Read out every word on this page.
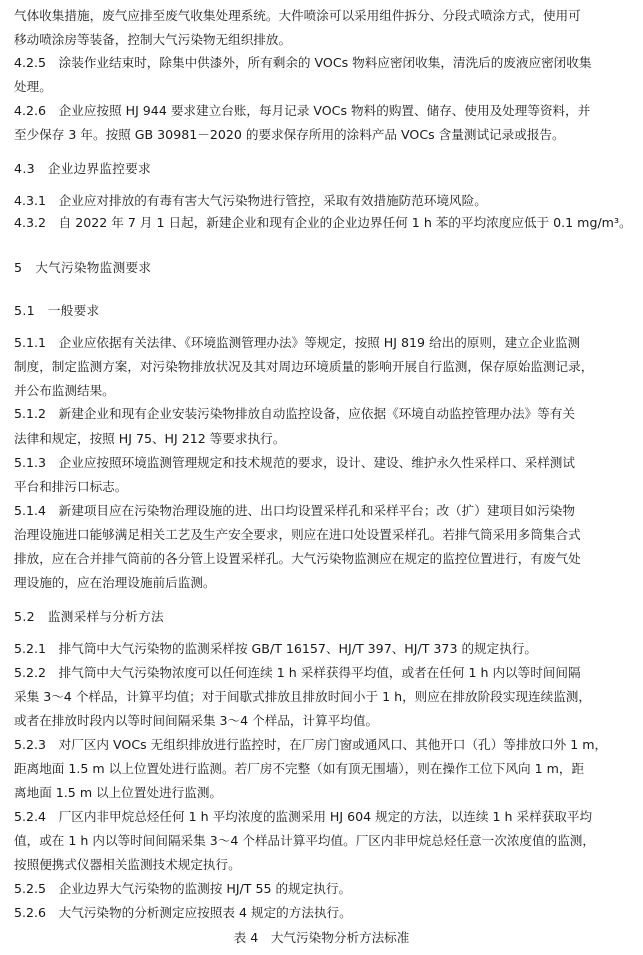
气体收集措施，废气应排至废气收集处理系统。大件喷涂可以采用组件拆分、分段式喷涂方式，使用可
移动喷涂房等装备，控制大气污染物无组织排放。
4.2.5　涂装作业结束时，除集中供漆外，所有剩余的 VOCs 物料应密闭收集，清洗后的废液应密闭收集
处理。
4.2.6　企业应按照 HJ 944 要求建立台账，每月记录 VOCs 物料的购置、储存、使用及处理等资料，并
至少保存 3 年。按照 GB 30981－2020 的要求保存所用的涂料产品 VOCs 含量测试记录或报告。
4.3　企业边界监控要求
4.3.1　企业应对排放的有毒有害大气污染物进行管控，采取有效措施防范环境风险。
4.3.2　自 2022 年 7 月 1 日起，新建企业和现有企业的企业边界任何 1 h 苯的平均浓度应低于 0.1 mg/m³。
5　大气污染物监测要求
5.1　一般要求
5.1.1　企业应依据有关法律、《环境监测管理办法》等规定，按照 HJ 819 给出的原则，建立企业监测
制度，制定监测方案，对污染物排放状况及其对周边环境质量的影响开展自行监测，保存原始监测记录，
并公布监测结果。
5.1.2　新建企业和现有企业安装污染物排放自动监控设备，应依据《环境自动监控管理办法》等有关
法律和规定，按照 HJ 75、HJ 212 等要求执行。
5.1.3　企业应按照环境监测管理规定和技术规范的要求，设计、建设、维护永久性采样口、采样测试
平台和排污口标志。
5.1.4　新建项目应在污染物治理设施的进、出口均设置采样孔和采样平台；改（扩）建项目如污染物
治理设施进口能够满足相关工艺及生产安全要求，则应在进口处设置采样孔。若排气筒采用多筒集合式
排放，应在合并排气筒前的各分管上设置采样孔。大气污染物监测应在规定的监控位置进行，有废气处
理设施的，应在治理设施前后监测。
5.2　监测采样与分析方法
5.2.1　排气筒中大气污染物的监测采样按 GB/T 16157、HJ/T 397、HJ/T 373 的规定执行。
5.2.2　排气筒中大气污染物浓度可以任何连续 1 h 采样获得平均值，或者在任何 1 h 内以等时间间隔
采集 3～4 个样品，计算平均值；对于间歇式排放且排放时间小于 1 h，则应在排放阶段实现连续监测，
或者在排放时段内以等时间间隔采集 3～4 个样品，计算平均值。
5.2.3　对厂区内 VOCs 无组织排放进行监控时，在厂房门窗或通风口、其他开口（孔）等排放口外 1 m，
距离地面 1.5 m 以上位置处进行监测。若厂房不完整（如有顶无围墙），则在操作工位下风向 1 m，距
离地面 1.5 m 以上位置处进行监测。
5.2.4　厂区内非甲烷总烃任何 1 h 平均浓度的监测采用 HJ 604 规定的方法，以连续 1 h 采样获取平均
值，或在 1 h 内以等时间间隔采集 3～4 个样品计算平均值。厂区内非甲烷总烃任意一次浓度值的监测，
按照便携式仪器相关监测技术规定执行。
5.2.5　企业边界大气污染物的监测按 HJ/T 55 的规定执行。
5.2.6　大气污染物的分析测定应按照表 4 规定的方法执行。
表 4　大气污染物分析方法标准
